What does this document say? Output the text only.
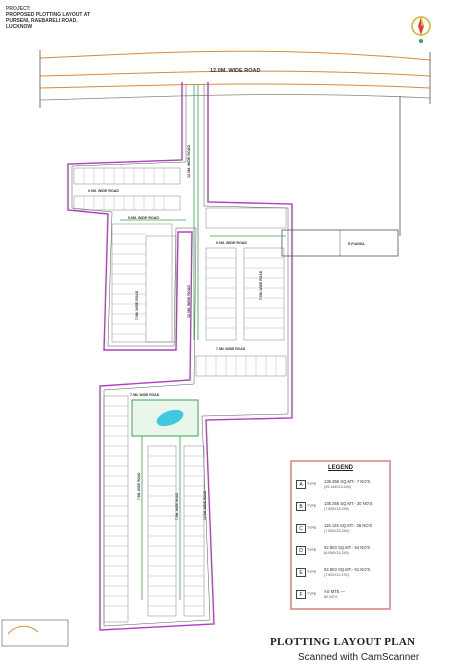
PROJECT:
PROPOSED PLOTTING LAYOUT AT
PURSENI, RAEBARELI ROAD,
LUCKNOW
12.0M. WIDE ROAD
9.0M. WIDE ROAD
9.0M. WIDE ROAD
9.0M. WIDE ROAD
12.0M. WIDE ROAD
12.0M. WIDE ROAD
7.5M. WIDE ROAD
7.5M. WIDE ROAD
7.5M. WIDE ROAD
7.5M. WIDE ROAD
7.5M. WIDE ROAD
7.5M. WIDE ROAD	12.0M. WIDE ROAD
E.P./ANSA
LEGEND
A	TYPE 136.355 SQ.MT.- 7 NO'S
(95.144X13.249)
B	TYPE 135.355 SQ.MT.- 20 NO'S
(7.826X18.299)
C	TYPE 116.125 SQ.MT.- 36 NO'S
(7.826X15.240)
D	TYPE 92.903 SQ.MT.- 54 NO'S
(6.096X15.240)
E	TYPE 92.903 SQ.MT.- 51 NO'S
(7.620X12.192)
F	TYPE AS MTE —
80 NO'S
PLOTTING LAYOUT PLAN
Scanned with CamScanner
